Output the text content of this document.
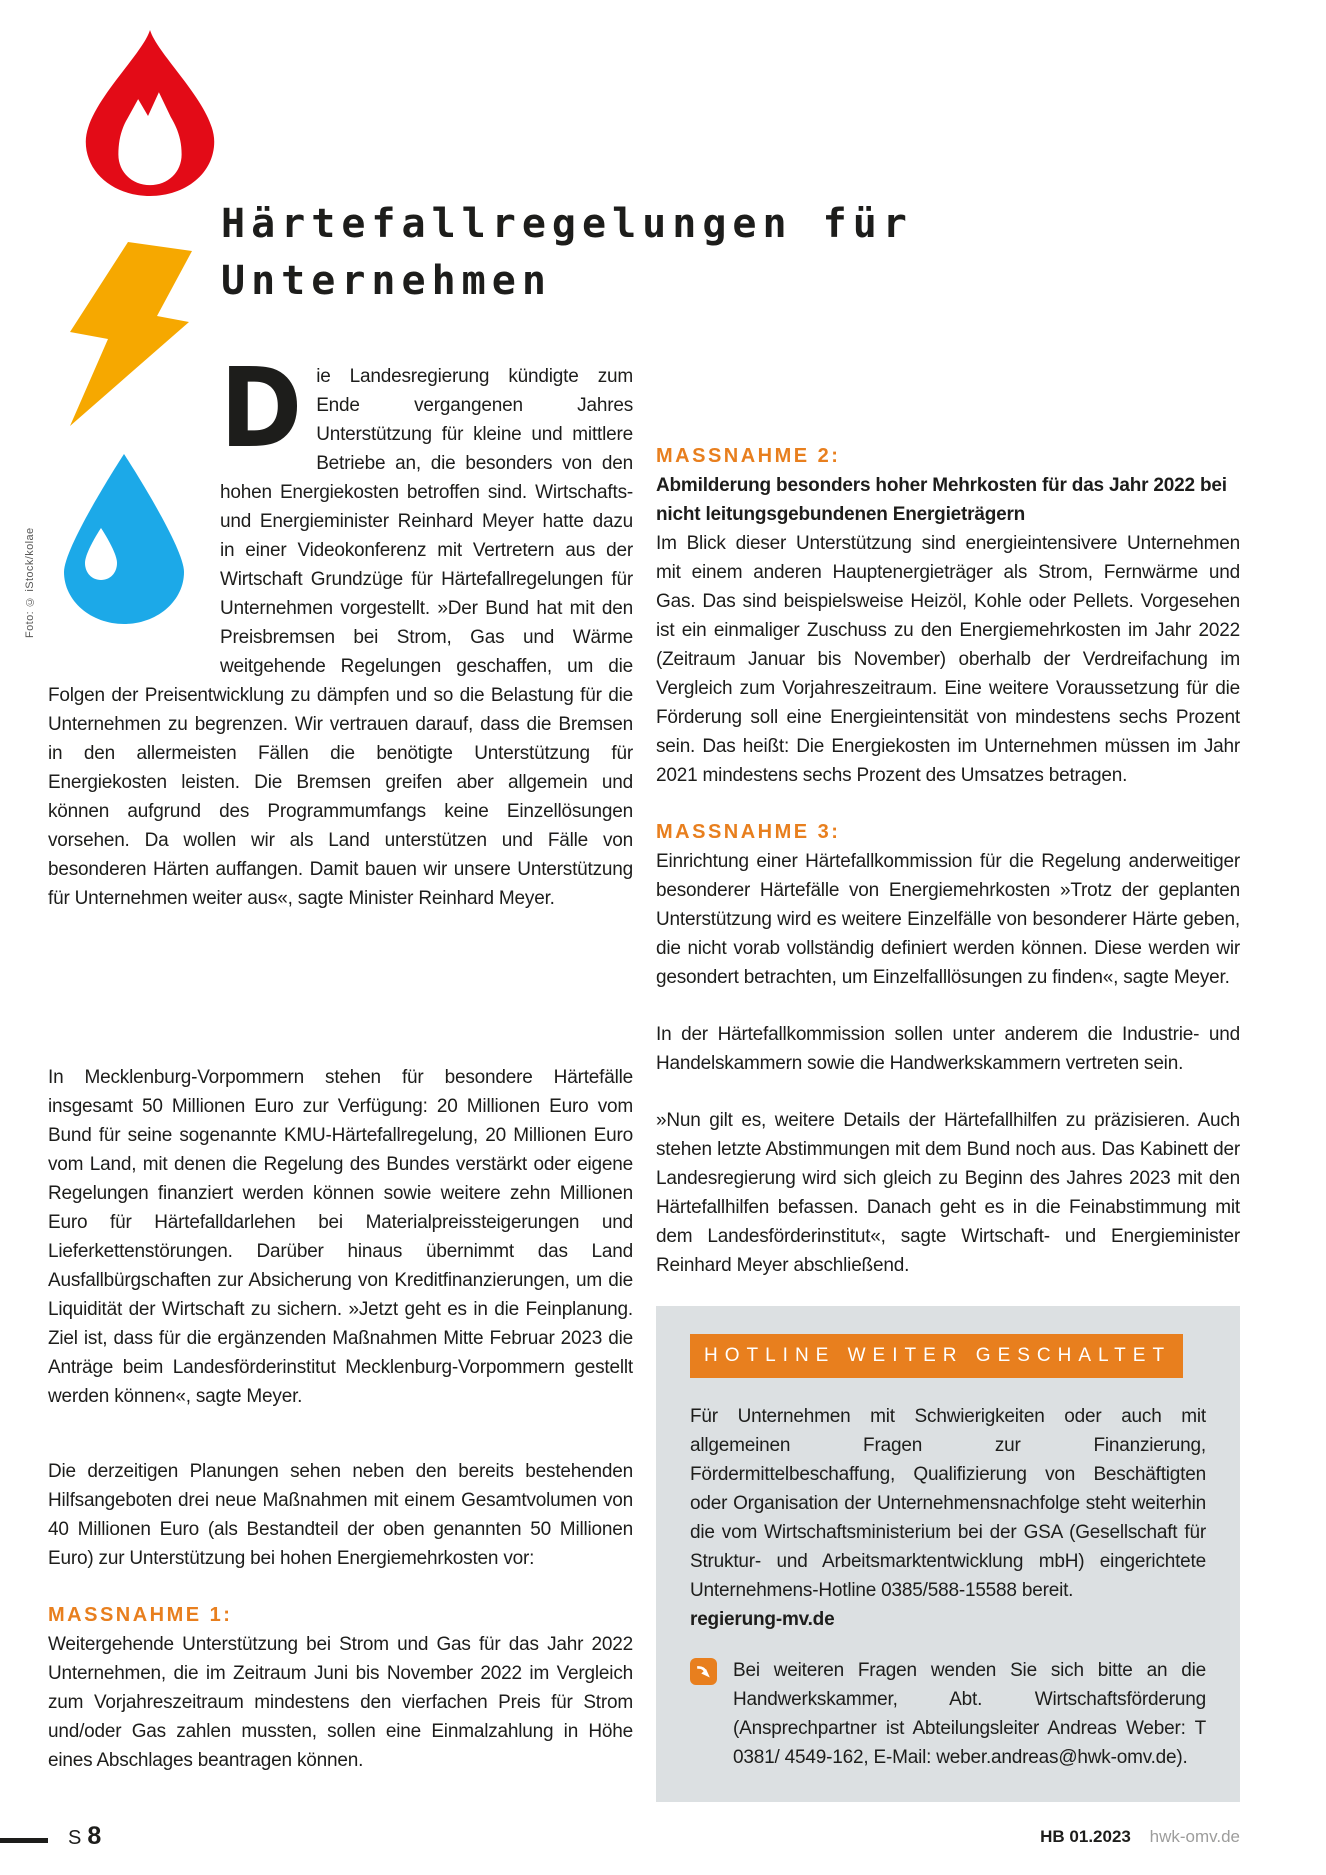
Foto: © iStock/kolae
Härtefallregelungen für
Unternehmen

Die Landesregierung kündigte zum Ende vergangenen Jahres Unterstützung für kleine und mittlere Betriebe an, die besonders von den hohen Energiekosten betroffen sind. Wirtschafts- und Energieminister Reinhard Meyer hatte dazu in einer Videokonferenz mit Vertretern aus der Wirtschaft Grundzüge für Härtefallregelungen für Unternehmen vorgestellt. »Der Bund hat mit den Preisbremsen bei Strom, Gas und Wärme weitgehende Regelungen geschaffen, um die Folgen der Preisentwicklung zu dämpfen und so die Belastung für die Unternehmen zu begrenzen. Wir vertrauen darauf, dass die Bremsen in den allermeisten Fällen die benötigte Unterstützung für Energiekosten leisten. Die Bremsen greifen aber allgemein und können aufgrund des Programmumfangs keine Einzellösungen vorsehen. Da wollen wir als Land unterstützen und Fälle von besonderen Härten auffangen. Damit bauen wir unsere Unterstützung für Unternehmen weiter aus«, sagte Minister Reinhard Meyer.

In Mecklenburg-Vorpommern stehen für besondere Härtefälle insgesamt 50 Millionen Euro zur Verfügung: 20 Millionen Euro vom Bund für seine sogenannte KMU-Härtefallregelung, 20 Millionen Euro vom Land, mit denen die Regelung des Bundes verstärkt oder eigene Regelungen finanziert werden können sowie weitere zehn Millionen Euro für Härtefalldarlehen bei Materialpreissteigerungen und Lieferkettenstörungen. Darüber hinaus übernimmt das Land Ausfallbürgschaften zur Absicherung von Kreditfinanzierungen, um die Liquidität der Wirtschaft zu sichern. »Jetzt geht es in die Feinplanung. Ziel ist, dass für die ergänzenden Maßnahmen Mitte Februar 2023 die Anträge beim Landesförderinstitut Mecklenburg-Vorpommern gestellt werden können«, sagte Meyer.

Die derzeitigen Planungen sehen neben den bereits bestehenden Hilfsangeboten drei neue Maßnahmen mit einem Gesamtvolumen von 40 Millionen Euro (als Bestandteil der oben genannten 50 Millionen Euro) zur Unterstützung bei hohen Energiemehrkosten vor:

MASSNAHME 1:

Weitergehende Unterstützung bei Strom und Gas für das Jahr 2022 Unternehmen, die im Zeitraum Juni bis November 2022 im Vergleich zum Vorjahreszeitraum mindestens den vierfachen Preis für Strom und/oder Gas zahlen mussten, sollen eine Einmalzahlung in Höhe eines Abschlages beantragen können.

MASSNAHME 2:

Abmilderung besonders hoher Mehrkosten für das Jahr 2022 bei nicht leitungsgebundenen Energieträgern

Im Blick dieser Unterstützung sind energieintensivere Unternehmen mit einem anderen Hauptenergieträger als Strom, Fernwärme und Gas. Das sind beispielsweise Heizöl, Kohle oder Pellets. Vorgesehen ist ein einmaliger Zuschuss zu den Energiemehrkosten im Jahr 2022 (Zeitraum Januar bis November) oberhalb der Verdreifachung im Vergleich zum Vorjahreszeitraum. Eine weitere Voraussetzung für die Förderung soll eine Energieintensität von mindestens sechs Prozent sein. Das heißt: Die Energiekosten im Unternehmen müssen im Jahr 2021 mindestens sechs Prozent des Umsatzes betragen.

MASSNAHME 3:

Einrichtung einer Härtefallkommission für die Regelung anderweitiger besonderer Härtefälle von Energiemehrkosten »Trotz der geplanten Unterstützung wird es weitere Einzelfälle von besonderer Härte geben, die nicht vorab vollständig definiert werden können. Diese werden wir gesondert betrachten, um Einzelfalllösungen zu finden«, sagte Meyer.

In der Härtefallkommission sollen unter anderem die Industrie- und Handelskammern sowie die Handwerkskammern vertreten sein.

»Nun gilt es, weitere Details der Härtefallhilfen zu präzisieren. Auch stehen letzte Abstimmungen mit dem Bund noch aus. Das Kabinett der Landesregierung wird sich gleich zu Beginn des Jahres 2023 mit den Härtefallhilfen befassen. Danach geht es in die Feinabstimmung mit dem Landesförderinstitut«, sagte Wirtschaft- und Energieminister Reinhard Meyer abschließend.

HOTLINE WEITER GESCHALTET

Für Unternehmen mit Schwierigkeiten oder auch mit allgemeinen Fragen zur Finanzierung, Fördermittelbeschaffung, Qualifizierung von Beschäftigten oder Organisation der Unternehmensnachfolge steht weiterhin die vom Wirtschaftsministerium bei der GSA (Gesellschaft für Struktur- und Arbeitsmarktentwicklung mbH) eingerichtete Unternehmens-Hotline 0385/588-15588 bereit.

regierung-mv.de

Bei weiteren Fragen wenden Sie sich bitte an die Handwerkskammer, Abt. Wirtschaftsförderung (Ansprechpartner ist Abteilungsleiter Andreas Weber: T 0381/ 4549-162, E-Mail: weber.andreas@hwk-omv.de).
S 8	HB 01.2023 hwk-omv.de
